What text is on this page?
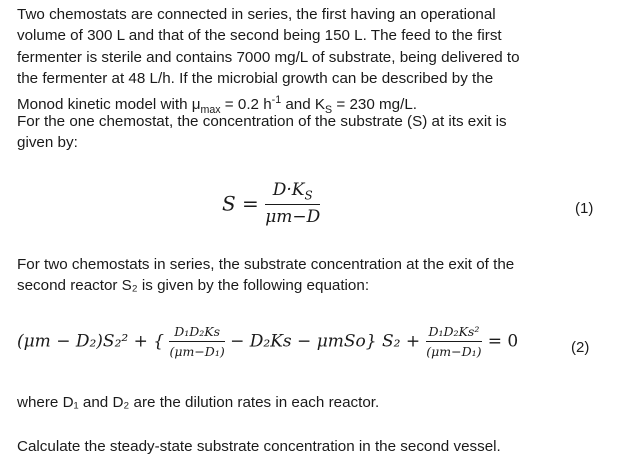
Two chemostats are connected in series, the first having an operational
volume of 300 L and that of the second being 150 L. The feed to the first
fermenter is sterile and contains 7000 mg/L of substrate, being delivered to
the fermenter at 48 L/h. If the microbial growth can be described by the
Monod kinetic model with $\mu_{max} = 0.2$ $h^{-1}$ and $K_S = 230$ mg/L.
For the one chemostat, the concentration of the substrate (S) at its exit is
given by:
$S = \frac{D\cdot K_S}{\mu m-D}$	(1)
For two chemostats in series, the substrate concentration at the exit of the
second reactor S₂ is given by the following equation:
(μm − D₂)S₂² + { $\frac{\text{D₁D₂Ks}}{\text{(μm−D₁)}} - D_2Ks - \mu mSo$} $S_2 + \frac{\text{D₁D₂Ks²}}{\text{(μm−D₁)}} = 0$	(2)
where D₁ and D₂ are the dilution rates in each reactor.
Calculate the steady-state substrate concentration in the second vessel.
